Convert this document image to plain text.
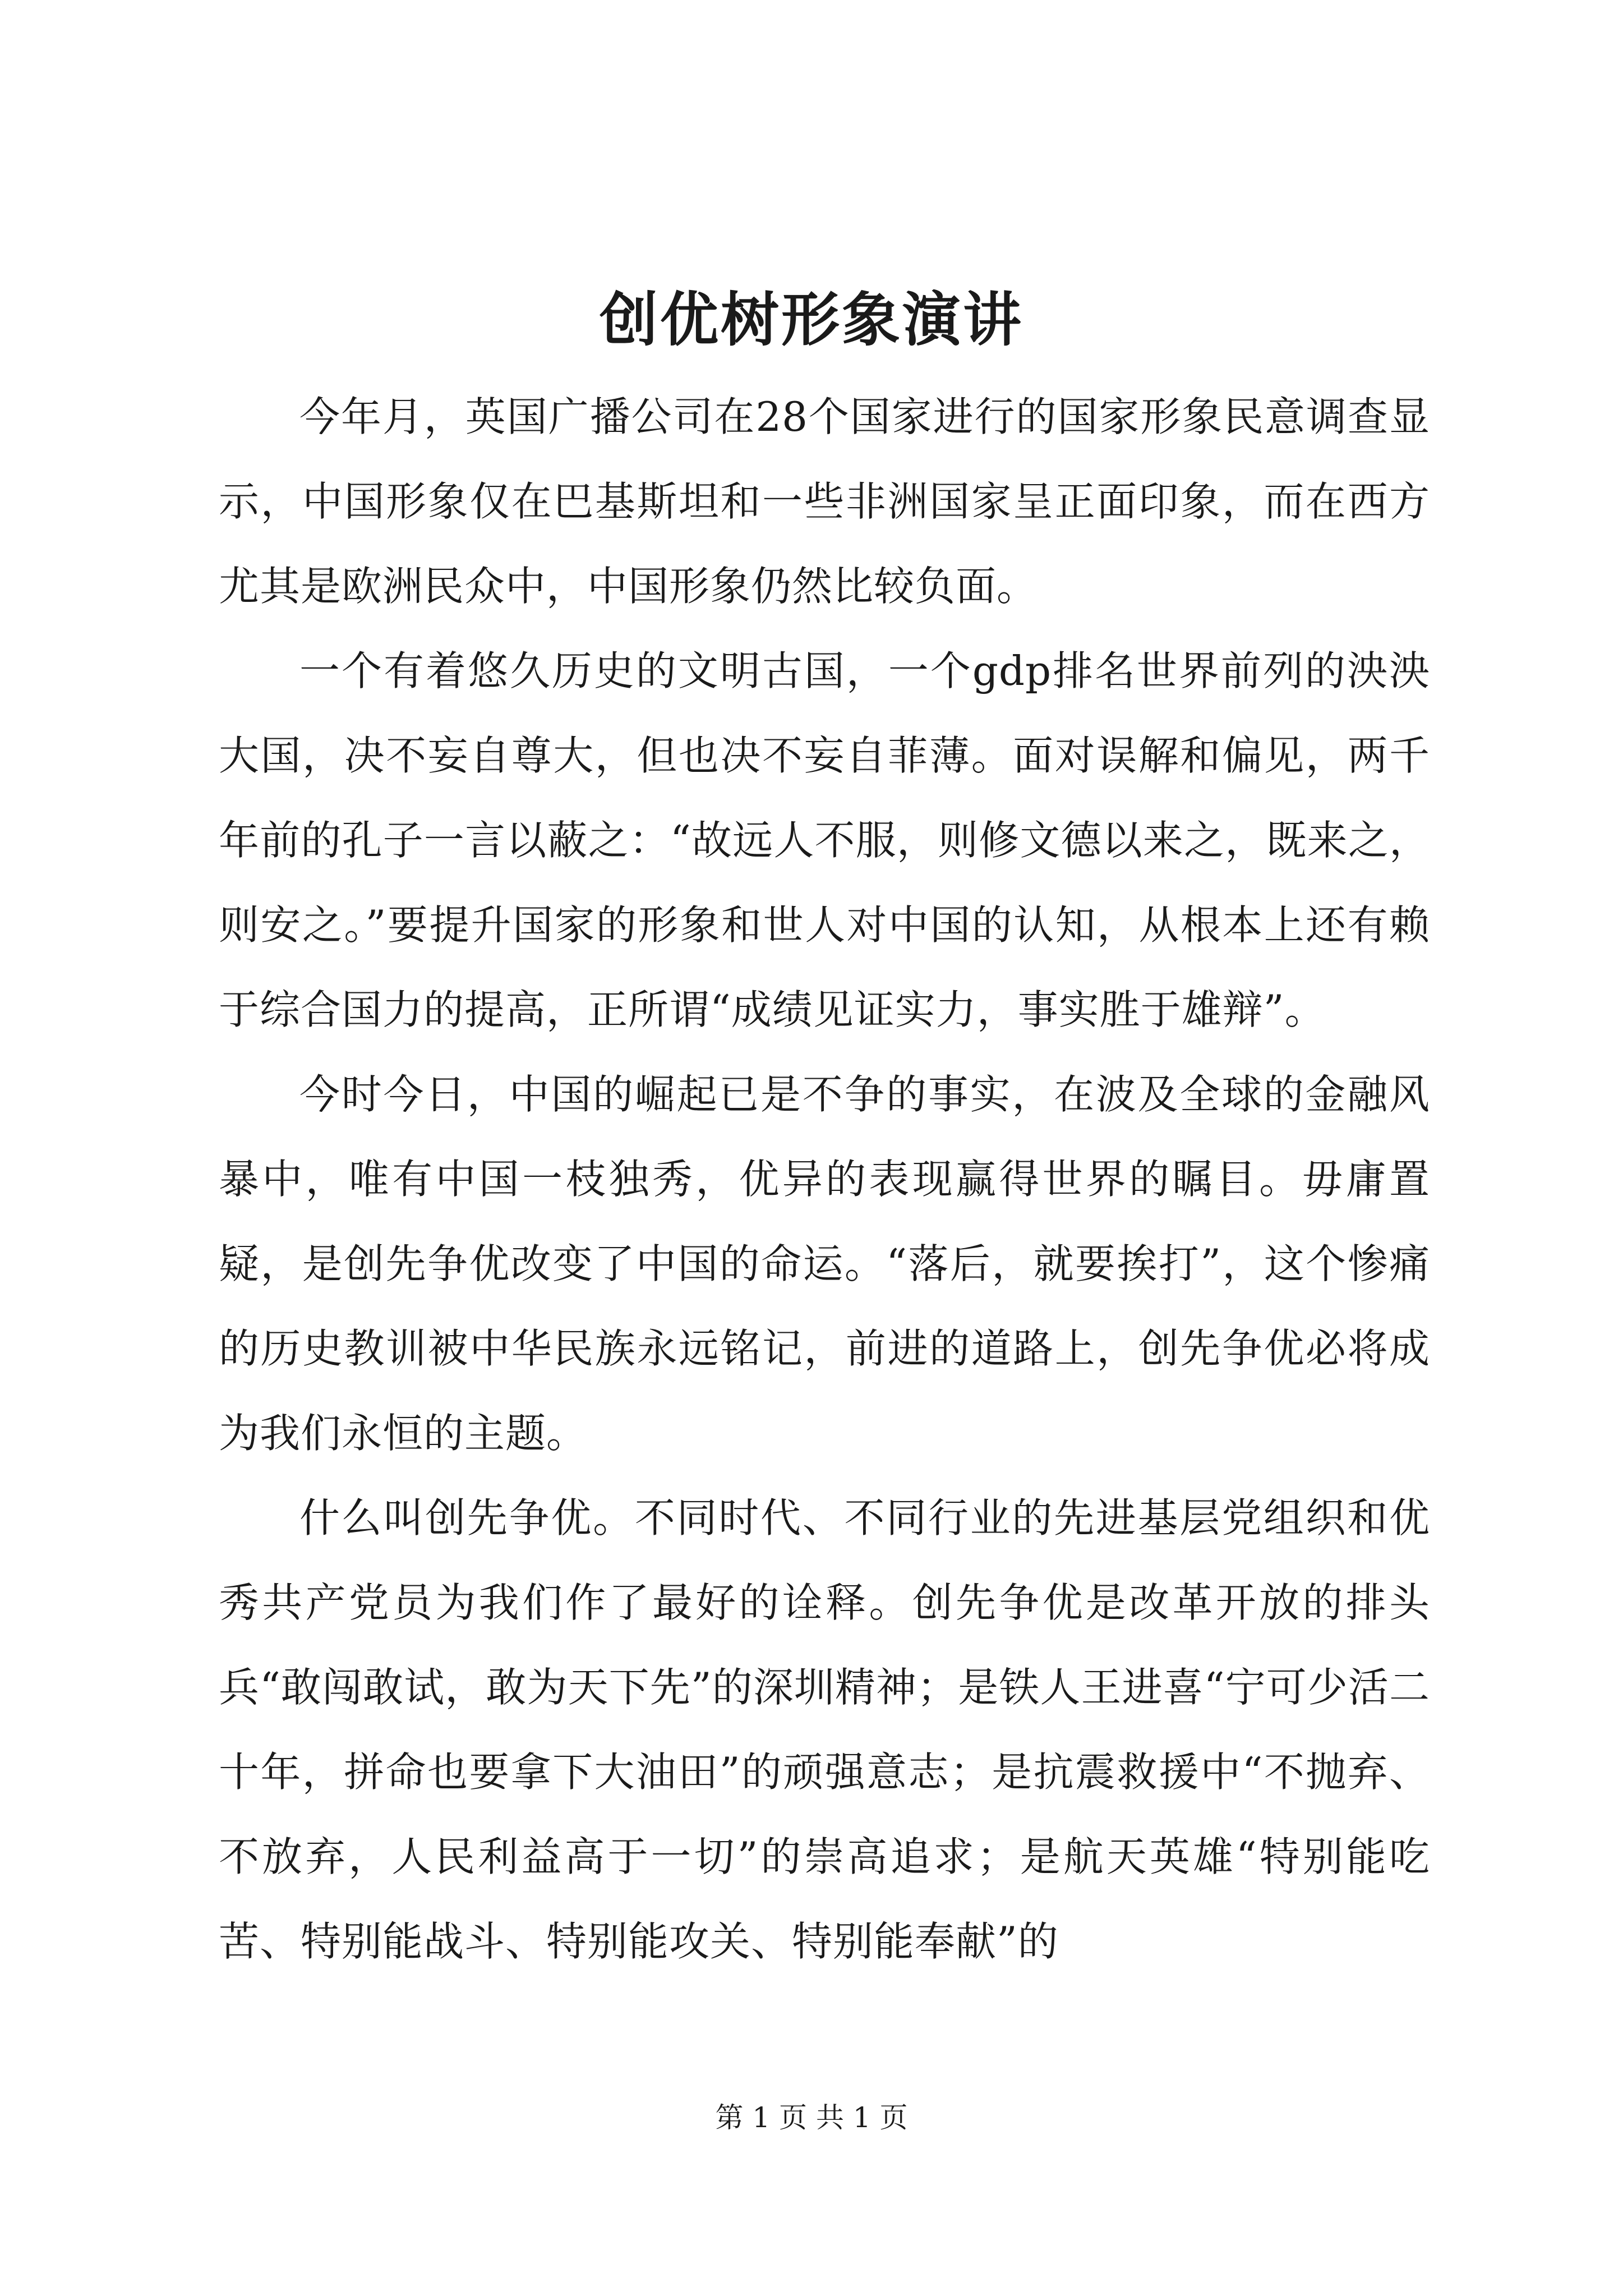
创优树形象演讲

今年月，英国广播公司在28个国家进行的国家形象民意调查显示，中国形象仅在巴基斯坦和一些非洲国家呈正面印象，而在西方尤其是欧洲民众中，中国形象仍然比较负面。

一个有着悠久历史的文明古国，一个gdp排名世界前列的泱泱大国，决不妄自尊大，但也决不妄自菲薄。面对误解和偏见，两千年前的孔子一言以蔽之：“故远人不服，则修文德以来之，既来之，则安之。”要提升国家的形象和世人对中国的认知，从根本上还有赖于综合国力的提高，正所谓“成绩见证实力，事实胜于雄辩”。

今时今日，中国的崛起已是不争的事实，在波及全球的金融风暴中，唯有中国一枝独秀，优异的表现赢得世界的瞩目。毋庸置疑，是创先争优改变了中国的命运。“落后，就要挨打”，这个惨痛的历史教训被中华民族永远铭记，前进的道路上，创先争优必将成为我们永恒的主题。

什么叫创先争优。不同时代、不同行业的先进基层党组织和优秀共产党员为我们作了最好的诠释。创先争优是改革开放的排头兵“敢闯敢试，敢为天下先”的深圳精神；是铁人王进喜“宁可少活二十年，拼命也要拿下大油田”的顽强意志；是抗震救援中“不抛弃、不放弃，人民利益高于一切”的崇高追求；是航天英雄“特别能吃苦、特别能战斗、特别能攻关、特别能奉献”的

第 1 页 共 1 页
